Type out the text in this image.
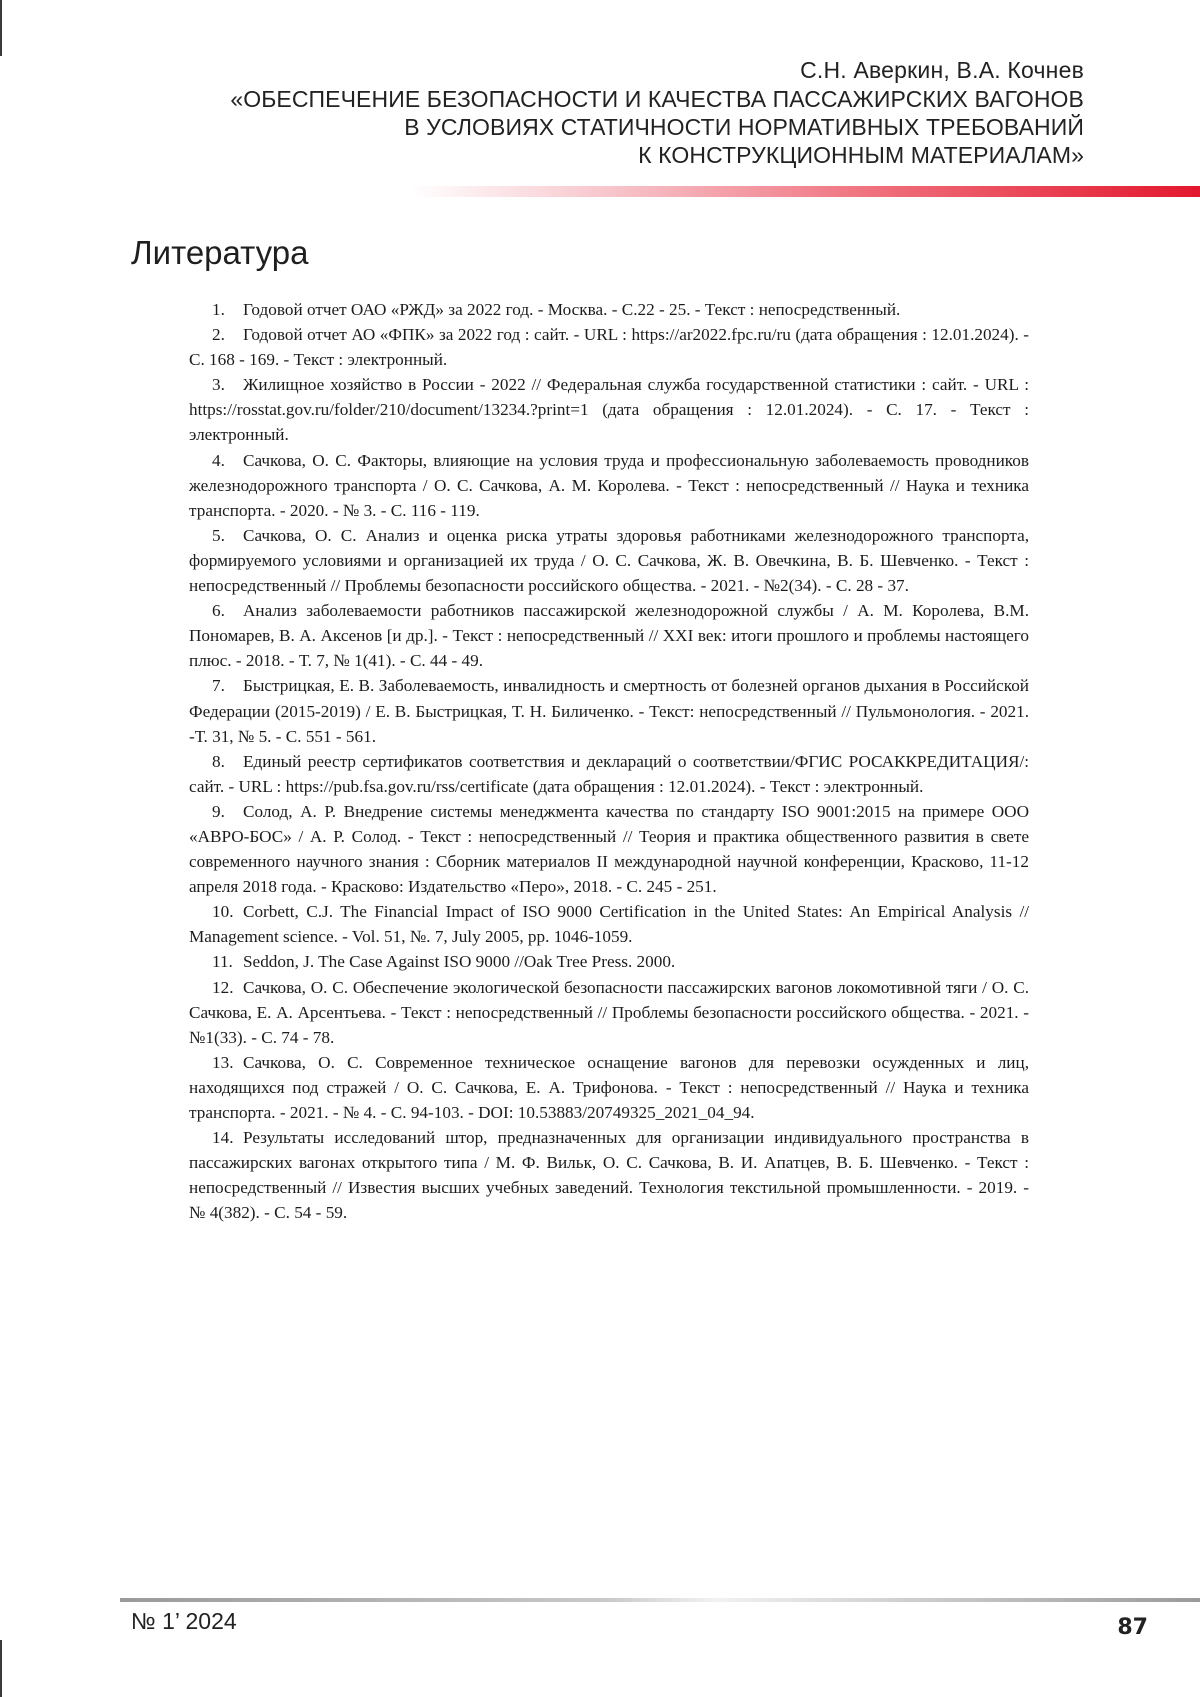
С.Н. Аверкин, В.А. Кочнев
«ОБЕСПЕЧЕНИЕ БЕЗОПАСНОСТИ И КАЧЕСТВА ПАССАЖИРСКИХ ВАГОНОВ
В УСЛОВИЯХ СТАТИЧНОСТИ НОРМАТИВНЫХ ТРЕБОВАНИЙ
К КОНСТРУКЦИОННЫМ МАТЕРИАЛАМ»
Литература
1. Годовой отчет ОАО «РЖД» за 2022 год. - Москва. - С.22 - 25. - Текст : непосредственный.
2. Годовой отчет АО «ФПК» за 2022 год : сайт. - URL : https://ar2022.fpc.ru/ru (дата обращения : 12.01.2024). - С. 168 - 169. - Текст : электронный.
3. Жилищное хозяйство в России - 2022 // Федеральная служба государственной статистики : сайт. - URL : https://rosstat.gov.ru/folder/210/document/13234.?print=1 (дата обращения : 12.01.2024). - С. 17. - Текст : электронный.
4. Сачкова, О. С. Факторы, влияющие на условия труда и профессиональную заболеваемость проводников железнодорожного транспорта / О. С. Сачкова, А. М. Королева. - Текст : непосредственный // Наука и техника транспорта. - 2020. - № 3. - С. 116 - 119.
5. Сачкова, О. С. Анализ и оценка риска утраты здоровья работниками железнодорожного транспорта, формируемого условиями и организацией их труда / О. С. Сачкова, Ж. В. Овечкина, В. Б. Шевченко. - Текст : непосредственный // Проблемы безопасности российского общества. - 2021. - №2(34). - С. 28 - 37.
6. Анализ заболеваемости работников пассажирской железнодорожной службы / А. М. Королева, В.М. Пономарев, В. А. Аксенов [и др.]. - Текст : непосредственный // XXI век: итоги прошлого и проблемы настоящего плюс. - 2018. - Т. 7, № 1(41). - С. 44 - 49.
7. Быстрицкая, Е. В. Заболеваемость, инвалидность и смертность от болезней органов дыхания в Российской Федерации (2015-2019) / Е. В. Быстрицкая, Т. Н. Биличенко. - Текст: непосредственный // Пульмонология. - 2021. -Т. 31, № 5. - С. 551 - 561.
8. Единый реестр сертификатов соответствия и деклараций о соответствии/ФГИС РОСАККРЕДИТАЦИЯ/: сайт. - URL : https://pub.fsa.gov.ru/rss/certificate (дата обращения : 12.01.2024). - Текст : электронный.
9. Солод, А. Р. Внедрение системы менеджмента качества по стандарту ISO 9001:2015 на примере ООО «АВРО-БОС» / А. Р. Солод. - Текст : непосредственный // Теория и практика общественного развития в свете современного научного знания : Сборник материалов II международной научной конференции, Красково, 11-12 апреля 2018 года. - Красково: Издательство «Перо», 2018. - С. 245 - 251.
10. Corbett, C.J. The Financial Impact of ISO 9000 Certification in the United States: An Empirical Analysis // Management science. - Vol. 51, №. 7, July 2005, pp. 1046-1059.
11. Seddon, J. The Case Against ISO 9000 //Oak Tree Press. 2000.
12. Сачкова, О. С. Обеспечение экологической безопасности пассажирских вагонов локомотивной тяги / О. С. Сачкова, Е. А. Арсентьева. - Текст : непосредственный // Проблемы безопасности российского общества. - 2021. - №1(33). - С. 74 - 78.
13. Сачкова, О. С. Современное техническое оснащение вагонов для перевозки осужденных и лиц, находящихся под стражей / О. С. Сачкова, Е. А. Трифонова. - Текст : непосредственный // Наука и техника транспорта. - 2021. - № 4. - С. 94-103. - DOI: 10.53883/20749325_2021_04_94.
14. Результаты исследований штор, предназначенных для организации индивидуального пространства в пассажирских вагонах открытого типа / М. Ф. Вильк, О. С. Сачкова, В. И. Апатцев, В. Б. Шевченко. - Текст : непосредственный // Известия высших учебных заведений. Технология текстильной промышленности. - 2019. - № 4(382). - С. 54 - 59.
№ 1’ 2024	87
